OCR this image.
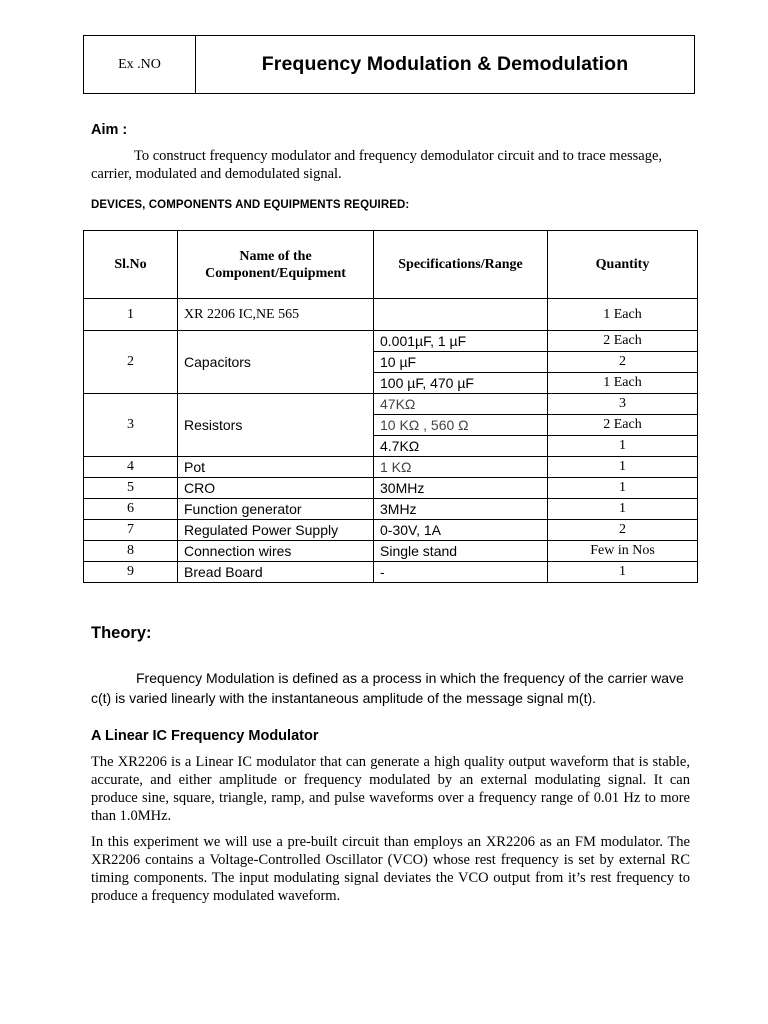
Ex .NO	Frequency Modulation & Demodulation
Aim :
To construct frequency modulator and frequency demodulator circuit and to trace message, carrier, modulated and demodulated signal.
DEVICES, COMPONENTS AND EQUIPMENTS REQUIRED:
Sl.No	Name of the Component/Equipment	Specifications/Range	Quantity
1	XR 2206 IC,NE 565		1 Each
2	Capacitors	0.001µF, 1 µF	2 Each
		10 µF	2
		100 µF, 470 µF	1 Each
3	Resistors	47KΩ	3
		10 KΩ , 560 Ω	2 Each
		4.7KΩ	1
4	Pot	1 KΩ	1
5	CRO	30MHz	1
6	Function generator	3MHz	1
7	Regulated Power Supply	0-30V, 1A	2
8	Connection wires	Single stand	Few in Nos
9	Bread Board	-	1
Theory:
Frequency Modulation is defined as a process in which the frequency of the carrier wave c(t) is varied linearly with the instantaneous amplitude of the message signal m(t).
A Linear IC Frequency Modulator
The XR2206 is a Linear IC modulator that can generate a high quality output waveform that is stable, accurate, and either amplitude or frequency modulated by an external modulating signal. It can produce sine, square, triangle, ramp, and pulse waveforms over a frequency range of 0.01 Hz to more than 1.0MHz.
In this experiment we will use a pre-built circuit than employs an XR2206 as an FM modulator. The XR2206 contains a Voltage-Controlled Oscillator (VCO) whose rest frequency is set by external RC timing components. The input modulating signal deviates the VCO output from it’s rest frequency to produce a frequency modulated waveform.
